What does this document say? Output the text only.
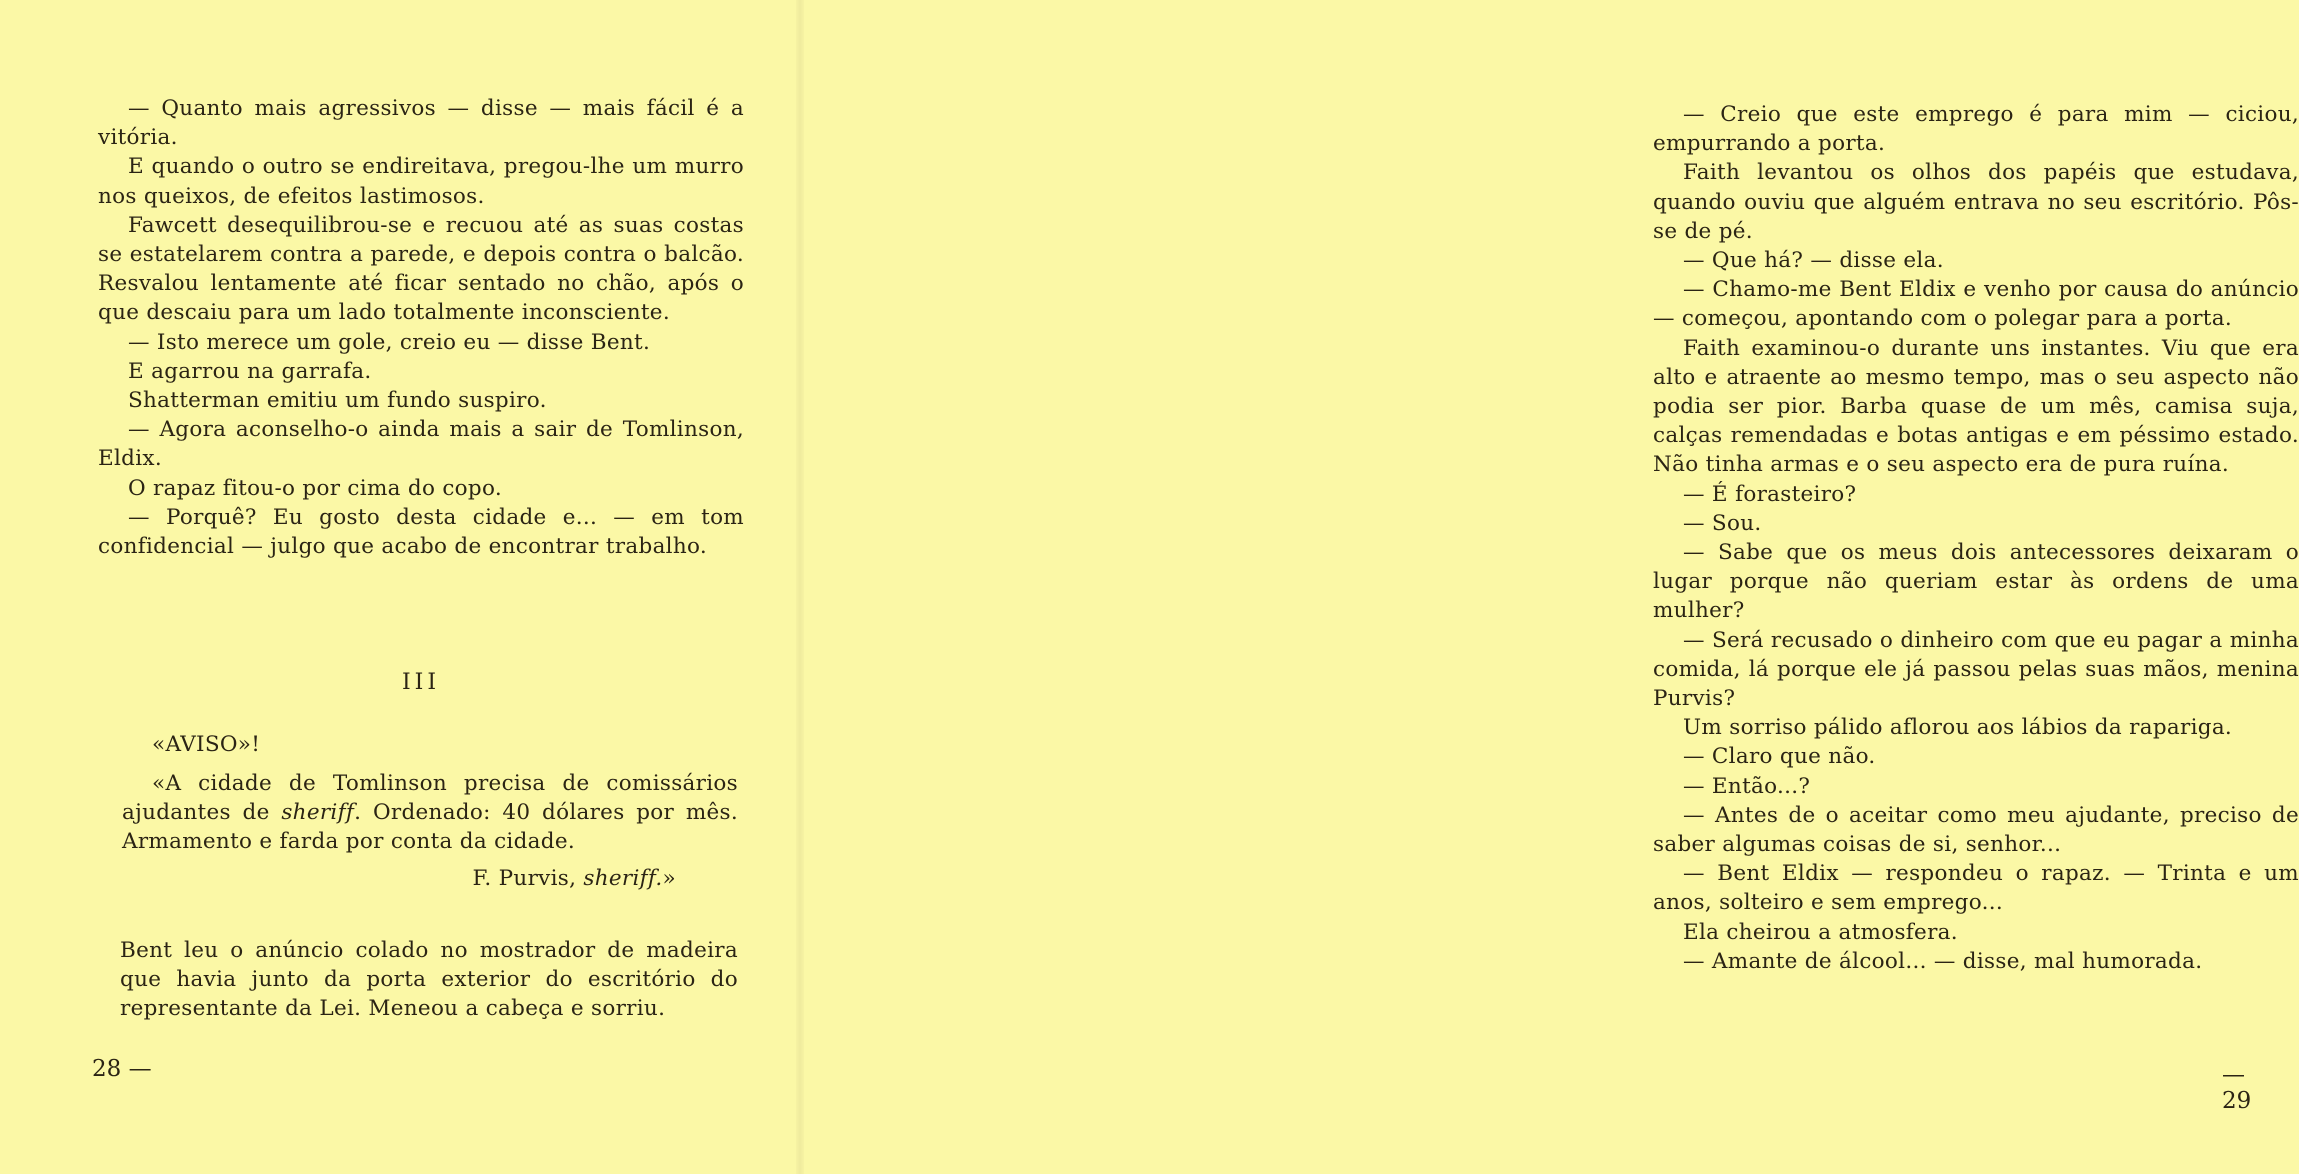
— Quanto mais agressivos — disse — mais fácil é a vitória.

E quando o outro se endireitava, pregou-lhe um murro nos queixos, de efeitos lastimosos.

Fawcett desequilibrou-se e recuou até as suas costas se estatelarem contra a parede, e depois contra o balcão. Resvalou lentamente até ficar sentado no chão, após o que descaiu para um lado totalmente inconsciente.

— Isto merece um gole, creio eu — disse Bent.

E agarrou na garrafa.

Shatterman emitiu um fundo suspiro.

— Agora aconselho-o ainda mais a sair de Tomlinson, Eldix.

O rapaz fitou-o por cima do copo.

— Porquê? Eu gosto desta cidade e... — em tom confidencial — julgo que acabo de encontrar trabalho.

III

«AVISO»!

«A cidade de Tomlinson precisa de comissários ajudantes de sheriff. Ordenado: 40 dólares por mês. Armamento e farda por conta da cidade.

F. Purvis, sheriff.»

Bent leu o anúncio colado no mostrador de madeira que havia junto da porta exterior do escritório do representante da Lei. Meneou a cabeça e sorriu.

28 —

— Creio que este emprego é para mim — ciciou, empurrando a porta.

Faith levantou os olhos dos papéis que estudava, quando ouviu que alguém entrava no seu escritório. Pôs-se de pé.

— Que há? — disse ela.

— Chamo-me Bent Eldix e venho por causa do anúncio — começou, apontando com o polegar para a porta.

Faith examinou-o durante uns instantes. Viu que era alto e atraente ao mesmo tempo, mas o seu aspecto não podia ser pior. Barba quase de um mês, camisa suja, calças remendadas e botas antigas e em péssimo estado. Não tinha armas e o seu aspecto era de pura ruína.

— É forasteiro?

— Sou.

— Sabe que os meus dois antecessores deixaram o lugar porque não queriam estar às ordens de uma mulher?

— Será recusado o dinheiro com que eu pagar a minha comida, lá porque ele já passou pelas suas mãos, menina Purvis?

Um sorriso pálido aflorou aos lábios da rapariga.

— Claro que não.

— Então...?

— Antes de o aceitar como meu ajudante, preciso de saber algumas coisas de si, senhor...

— Bent Eldix — respondeu o rapaz. — Trinta e um anos, solteiro e sem emprego...

Ela cheirou a atmosfera.

— Amante de álcool... — disse, mal humorada.

— 29
